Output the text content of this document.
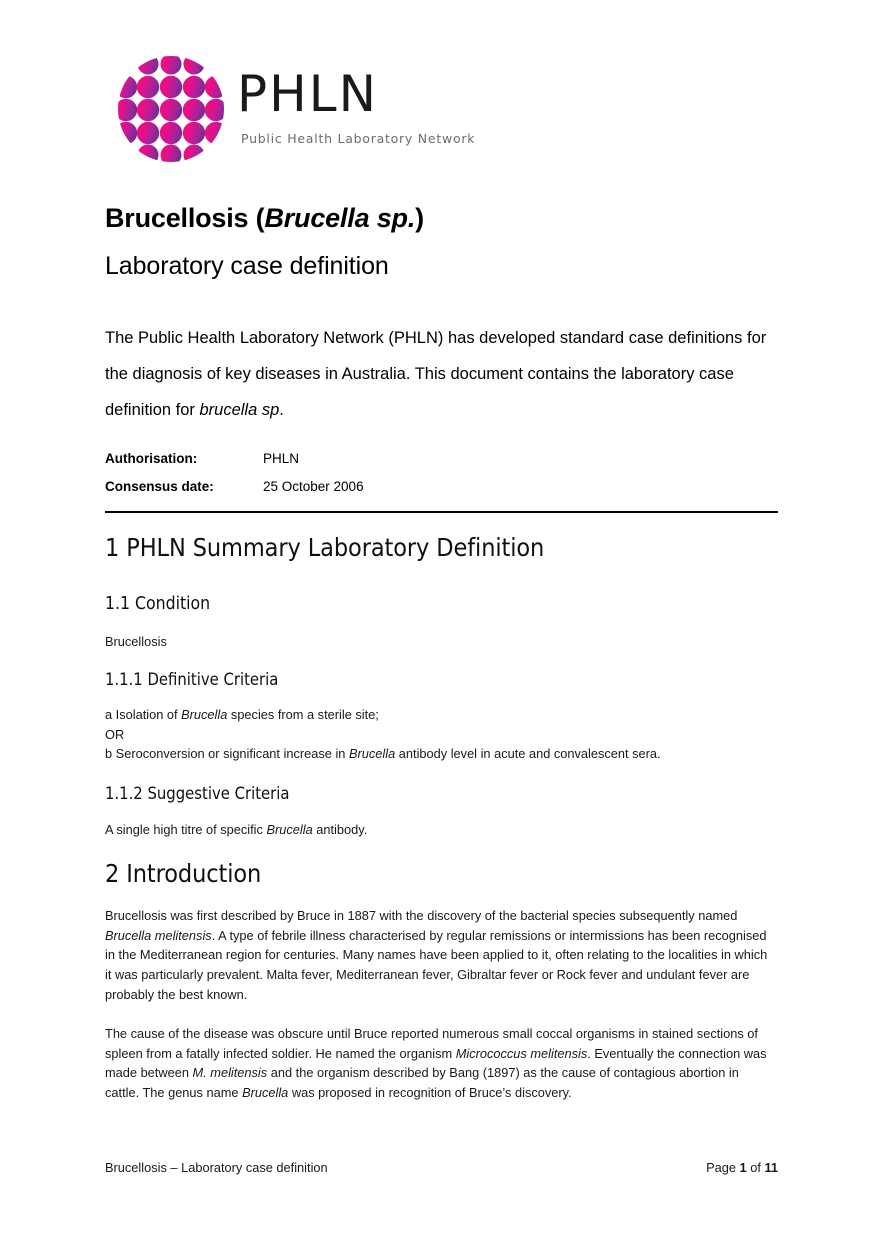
PHLN
Public Health Laboratory Network
Brucellosis (Brucella sp.)
Laboratory case definition
The Public Health Laboratory Network (PHLN) has developed standard case definitions for the diagnosis of key diseases in Australia. This document contains the laboratory case definition for brucella sp.
Authorisation:	PHLN
Consensus date:	25 October 2006
1 PHLN Summary Laboratory Definition
1.1 Condition
Brucellosis
1.1.1 Definitive Criteria
a Isolation of Brucella species from a sterile site;
OR
b Seroconversion or significant increase in Brucella antibody level in acute and convalescent sera.
1.1.2 Suggestive Criteria
A single high titre of specific Brucella antibody.
2 Introduction
Brucellosis was first described by Bruce in 1887 with the discovery of the bacterial species subsequently named Brucella melitensis. A type of febrile illness characterised by regular remissions or intermissions has been recognised in the Mediterranean region for centuries. Many names have been applied to it, often relating to the localities in which it was particularly prevalent. Malta fever, Mediterranean fever, Gibraltar fever or Rock fever and undulant fever are probably the best known.
The cause of the disease was obscure until Bruce reported numerous small coccal organisms in stained sections of spleen from a fatally infected soldier. He named the organism Micrococcus melitensis. Eventually the connection was made between M. melitensis and the organism described by Bang (1897) as the cause of contagious abortion in cattle. The genus name Brucella was proposed in recognition of Bruce’s discovery.
Brucellosis – Laboratory case definition	Page 1 of 11
